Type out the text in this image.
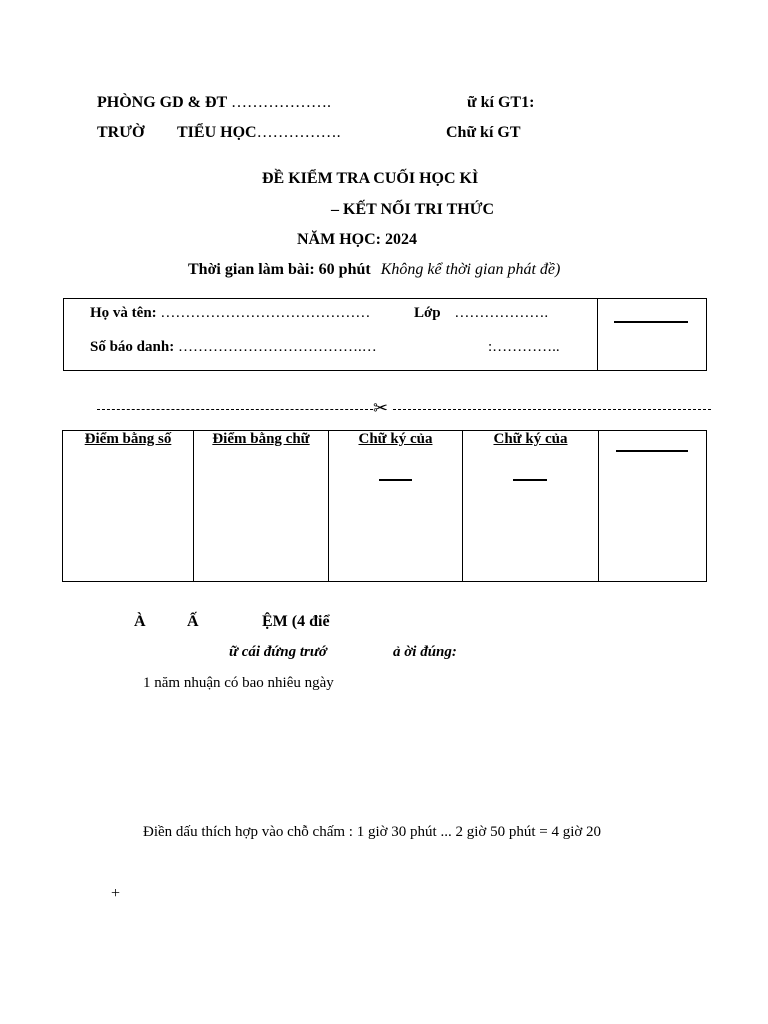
PHÒNG GD & ĐT ……………….	ữ kí GT1:
TRƯỜ TIỂU HỌC…………….	Chữ kí GT
ĐỀ KIỂM TRA CUỐI HỌC KÌ
– KẾT NỐI TRI THỨC
NĂM HỌC: 2024
Thời gian làm bài: 60 phút Không kể thời gian phát đề)
Họ và tên: ……………………………………	Lớp ……………….
Số báo danh: ……………………………….…	:…………..
✂
Điểm bằng số	Điểm bằng chữ	Chữ ký của	Chữ ký của
À	Ấ	ỆM (4 điể
ữ cái đứng trướ	ả ời đúng:
1 năm nhuận có bao nhiêu ngày
Điền dấu thích hợp vào chỗ chấm : 1 giờ 30 phút ... 2 giờ 50 phút = 4 giờ 20
+
